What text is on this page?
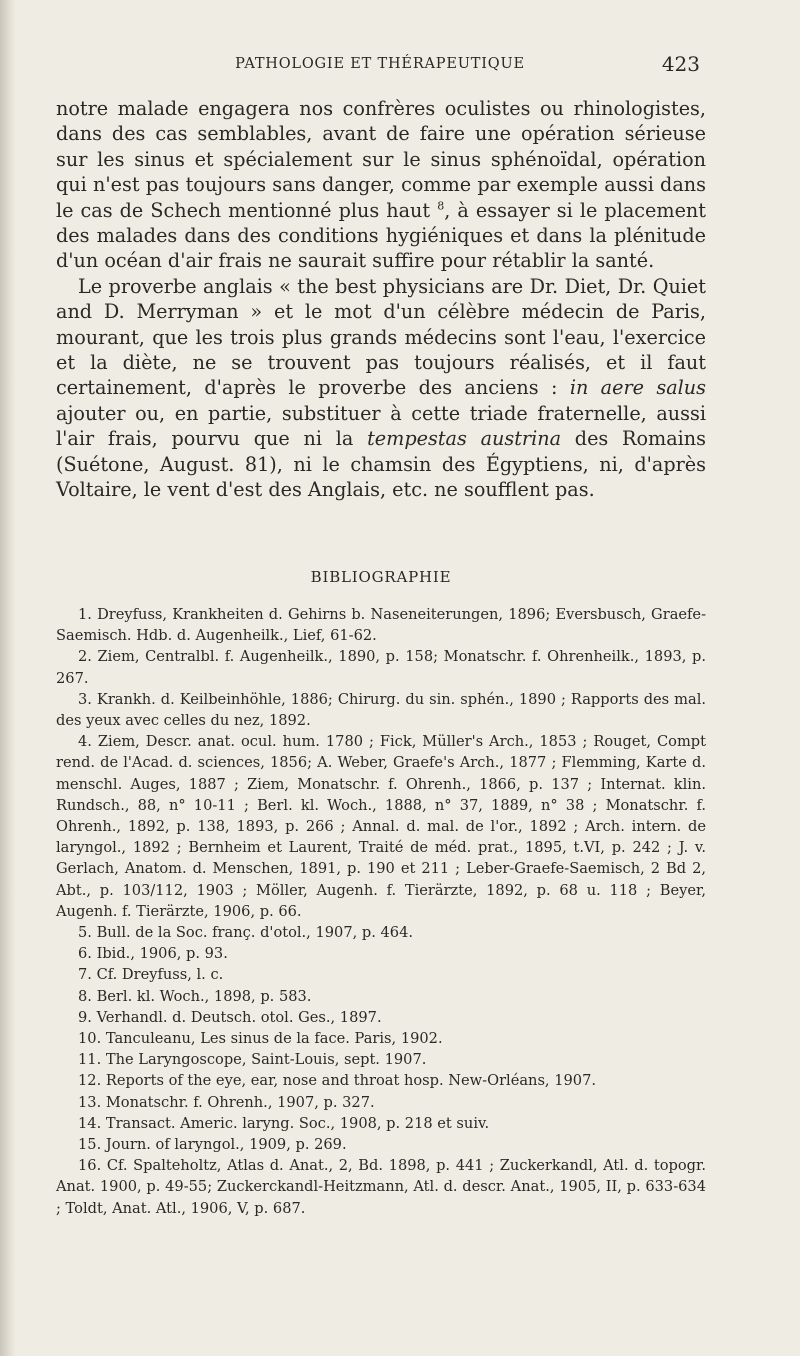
PATHOLOGIE ET THÉRAPEUTIQUE	423

notre malade engagera nos confrères oculistes ou rhinologistes, dans des cas semblables, avant de faire une opération sérieuse sur les sinus et spécialement sur le sinus sphénoïdal, opération qui n'est pas toujours sans danger, comme par exemple aussi dans le cas de Schech mentionné plus haut $^8$, à essayer si le placement des malades dans des conditions hygiéniques et dans la plénitude d'un océan d'air frais ne saurait suffire pour rétablir la santé.

Le proverbe anglais « the best physicians are Dr. Diet, Dr. Quiet and D. Merryman » et le mot d'un célèbre médecin de Paris, mourant, que les trois plus grands médecins sont l'eau, l'exercice et la diète, ne se trouvent pas toujours réalisés, et il faut certainement, d'après le proverbe des anciens : in aere salus ajouter ou, en partie, substituer à cette triade fraternelle, aussi l'air frais, pourvu que ni la tempestas austrina des Romains (Suétone, August. 81), ni le chamsin des Égyptiens, ni, d'après Voltaire, le vent d'est des Anglais, etc. ne soufflent pas.

BIBLIOGRAPHIE
1. Dreyfuss, Krankheiten d. Gehirns b. Naseneiterungen, 1896; Eversbusch, Graefe-Saemisch. Hdb. d. Augenheilk., Lief, 61-62.
2. Ziem, Centralbl. f. Augenheilk., 1890, p. 158; Monatschr. f. Ohrenheilk., 1893, p. 267.
3. Krankh. d. Keilbeinhöhle, 1886; Chirurg. du sin. sphén., 1890 ; Rapports des mal. des yeux avec celles du nez, 1892.
4. Ziem, Descr. anat. ocul. hum. 1780 ; Fick, Müller's Arch., 1853 ; Rouget, Compt rend. de l'Acad. d. sciences, 1856; A. Weber, Graefe's Arch., 1877 ; Flemming, Karte d. menschl. Auges, 1887 ; Ziem, Monatschr. f. Ohrenh., 1866, p. 137 ; Internat. klin. Rundsch., 88, n° 10-11 ; Berl. kl. Woch., 1888, n° 37, 1889, n° 38 ; Monatschr. f. Ohrenh., 1892, p. 138, 1893, p. 266 ; Annal. d. mal. de l'or., 1892 ; Arch. intern. de laryngol., 1892 ; Bernheim et Laurent, Traité de méd. prat., 1895, t.VI, p. 242 ; J. v. Gerlach, Anatom. d. Menschen, 1891, p. 190 et 211 ; Leber-Graefe-Saemisch, 2 Bd 2, Abt., p. 103/112, 1903 ; Möller, Augenh. f. Tierärzte, 1892, p. 68 u. 118 ; Beyer, Augenh. f. Tierärzte, 1906, p. 66.
5. Bull. de la Soc. franç. d'otol., 1907, p. 464.
6. Ibid., 1906, p. 93.
7. Cf. Dreyfuss, l. c.
8. Berl. kl. Woch., 1898, p. 583.
9. Verhandl. d. Deutsch. otol. Ges., 1897.
10. Tanculeanu, Les sinus de la face. Paris, 1902.
11. The Laryngoscope, Saint-Louis, sept. 1907.
12. Reports of the eye, ear, nose and throat hosp. New-Orléans, 1907.
13. Monatschr. f. Ohrenh., 1907, p. 327.
14. Transact. Americ. laryng. Soc., 1908, p. 218 et suiv.
15. Journ. of laryngol., 1909, p. 269.
16. Cf. Spalteholtz, Atlas d. Anat., 2, Bd. 1898, p. 441 ; Zuckerkandl, Atl. d. topogr. Anat. 1900, p. 49-55; Zuckerckandl-Heitzmann, Atl. d. descr. Anat., 1905, II, p. 633-634 ; Toldt, Anat. Atl., 1906, V, p. 687.
